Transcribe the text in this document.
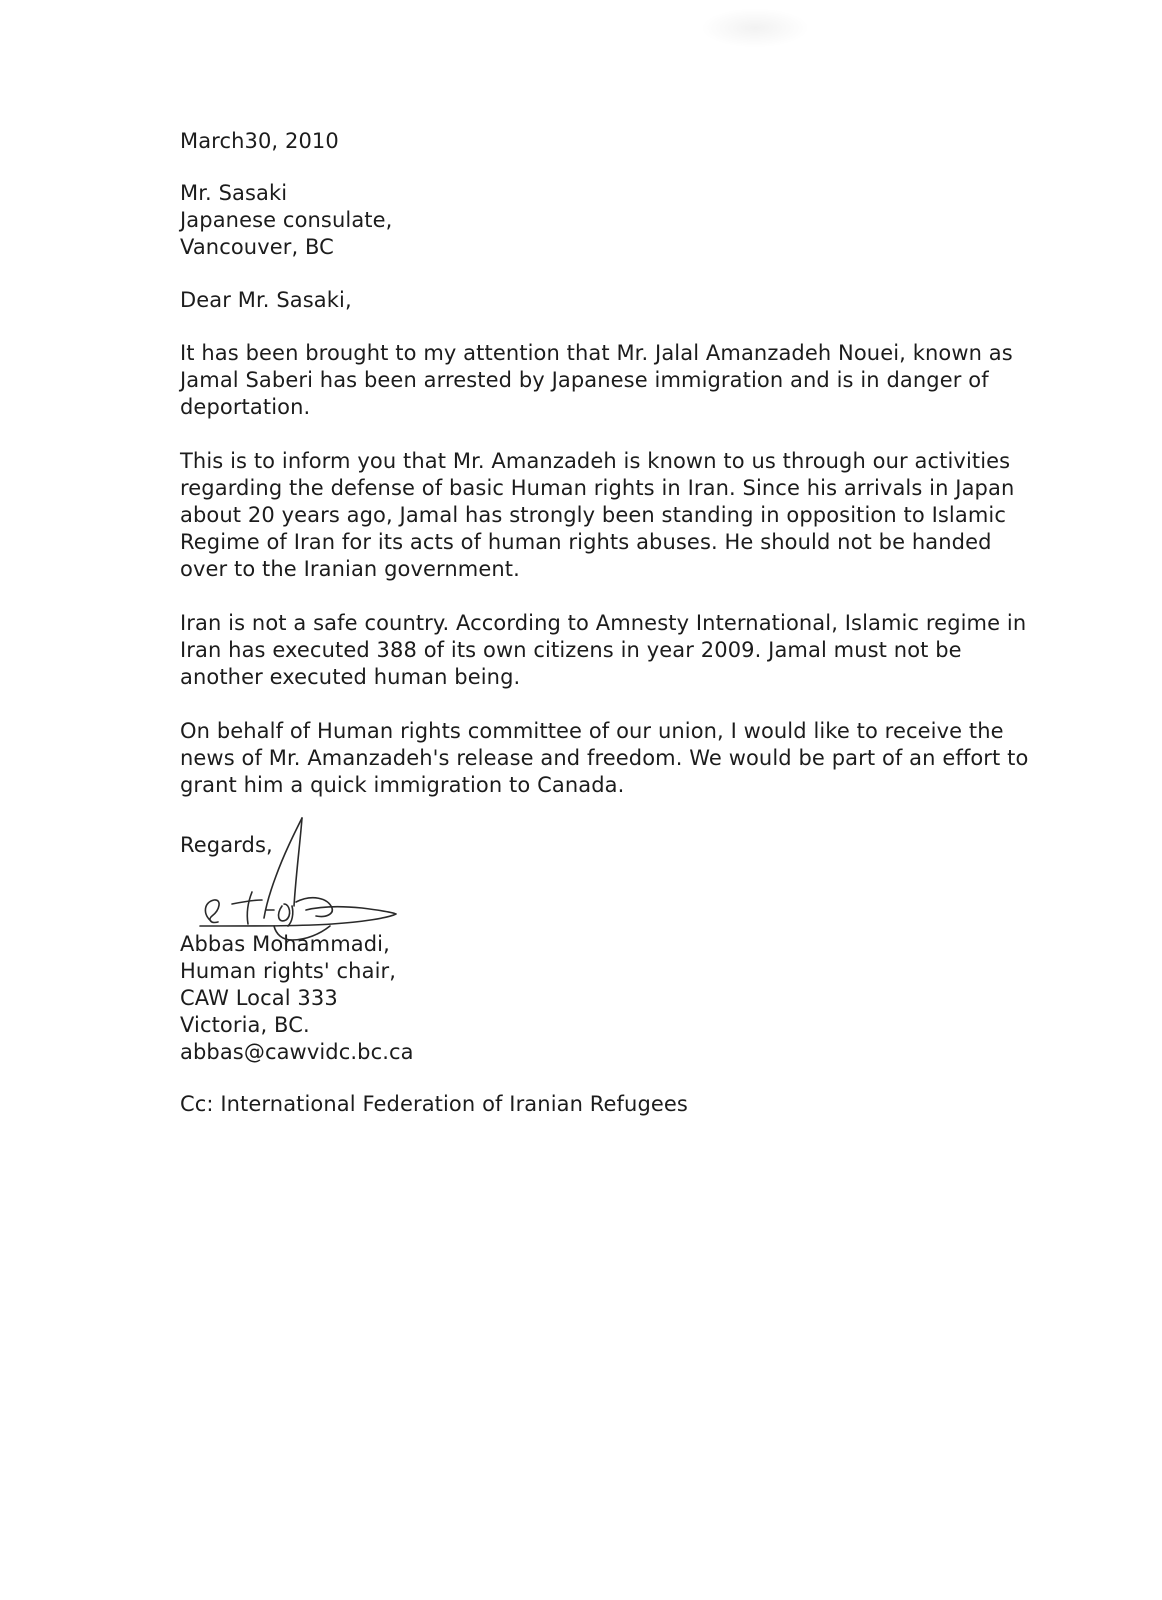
March30, 2010
Mr. Sasaki
Japanese consulate,
Vancouver, BC
Dear Mr. Sasaki,
It has been brought to my attention that Mr. Jalal Amanzadeh Nouei, known as
Jamal Saberi has been arrested by Japanese immigration and is in danger of
deportation.
This is to inform you that Mr. Amanzadeh is known to us through our activities
regarding the defense of basic Human rights in Iran. Since his arrivals in Japan
about 20 years ago, Jamal has strongly been standing in opposition to Islamic
Regime of Iran for its acts of human rights abuses. He should not be handed
over to the Iranian government.
Iran is not a safe country. According to Amnesty International, Islamic regime in
Iran has executed 388 of its own citizens in year 2009. Jamal must not be
another executed human being.
On behalf of Human rights committee of our union, I would like to receive the
news of Mr. Amanzadeh's release and freedom. We would be part of an effort to
grant him a quick immigration to Canada.
Regards,
Abbas Mohammadi,
Human rights' chair,
CAW Local 333
Victoria, BC.
abbas@cawvidc.bc.ca
Cc: International Federation of Iranian Refugees
